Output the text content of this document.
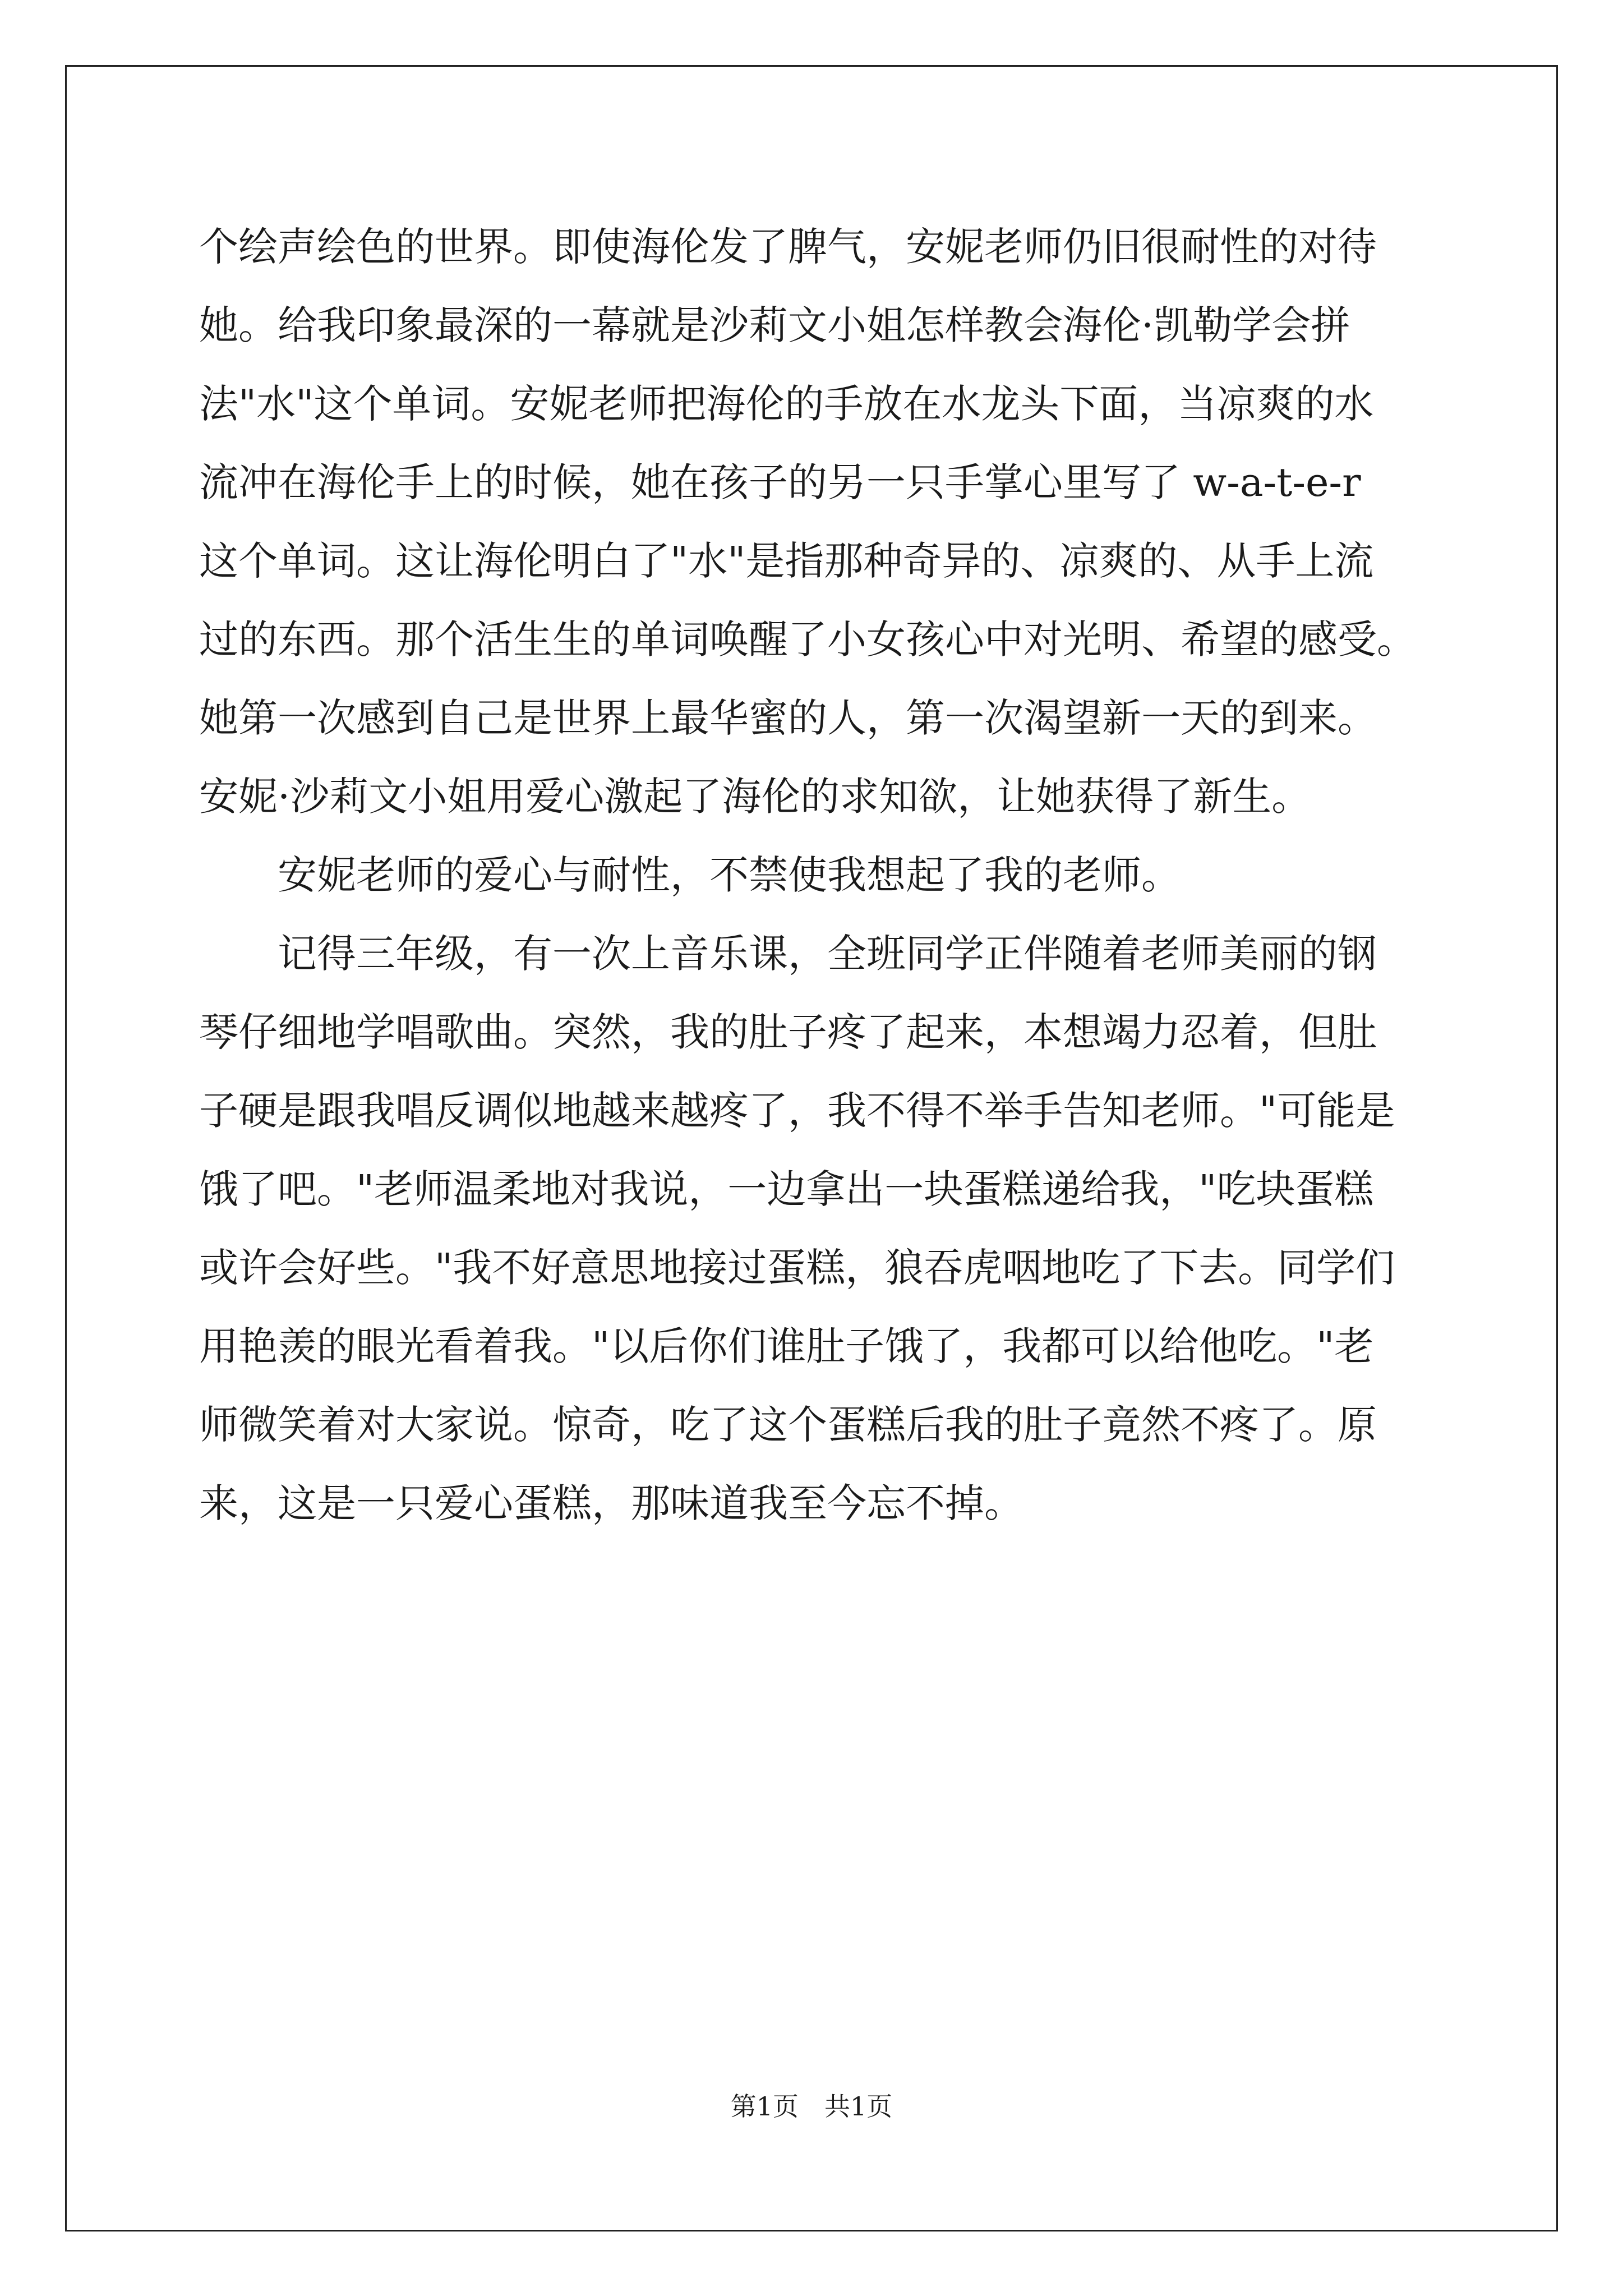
个绘声绘色的世界。即使海伦发了脾气，安妮老师仍旧很耐性的对待
她。给我印象最深的一幕就是沙莉文小姐怎样教会海伦·凯勒学会拼
法"水"这个单词。安妮老师把海伦的手放在水龙头下面，当凉爽的水
流冲在海伦手上的时候，她在孩子的另一只手掌心里写了 w-a-t-e-r
这个单词。这让海伦明白了"水"是指那种奇异的、凉爽的、从手上流
过的东西。那个活生生的单词唤醒了小女孩心中对光明、希望的感受。
她第一次感到自己是世界上最华蜜的人，第一次渴望新一天的到来。
安妮·沙莉文小姐用爱心激起了海伦的求知欲，让她获得了新生。
安妮老师的爱心与耐性，不禁使我想起了我的老师。
记得三年级，有一次上音乐课，全班同学正伴随着老师美丽的钢
琴仔细地学唱歌曲。突然，我的肚子疼了起来，本想竭力忍着，但肚
子硬是跟我唱反调似地越来越疼了，我不得不举手告知老师。"可能是
饿了吧。"老师温柔地对我说，一边拿出一块蛋糕递给我，"吃块蛋糕
或许会好些。"我不好意思地接过蛋糕，狼吞虎咽地吃了下去。同学们
用艳羡的眼光看着我。"以后你们谁肚子饿了，我都可以给他吃。"老
师微笑着对大家说。惊奇，吃了这个蛋糕后我的肚子竟然不疼了。原
来，这是一只爱心蛋糕，那味道我至今忘不掉。
第1页　共1页
